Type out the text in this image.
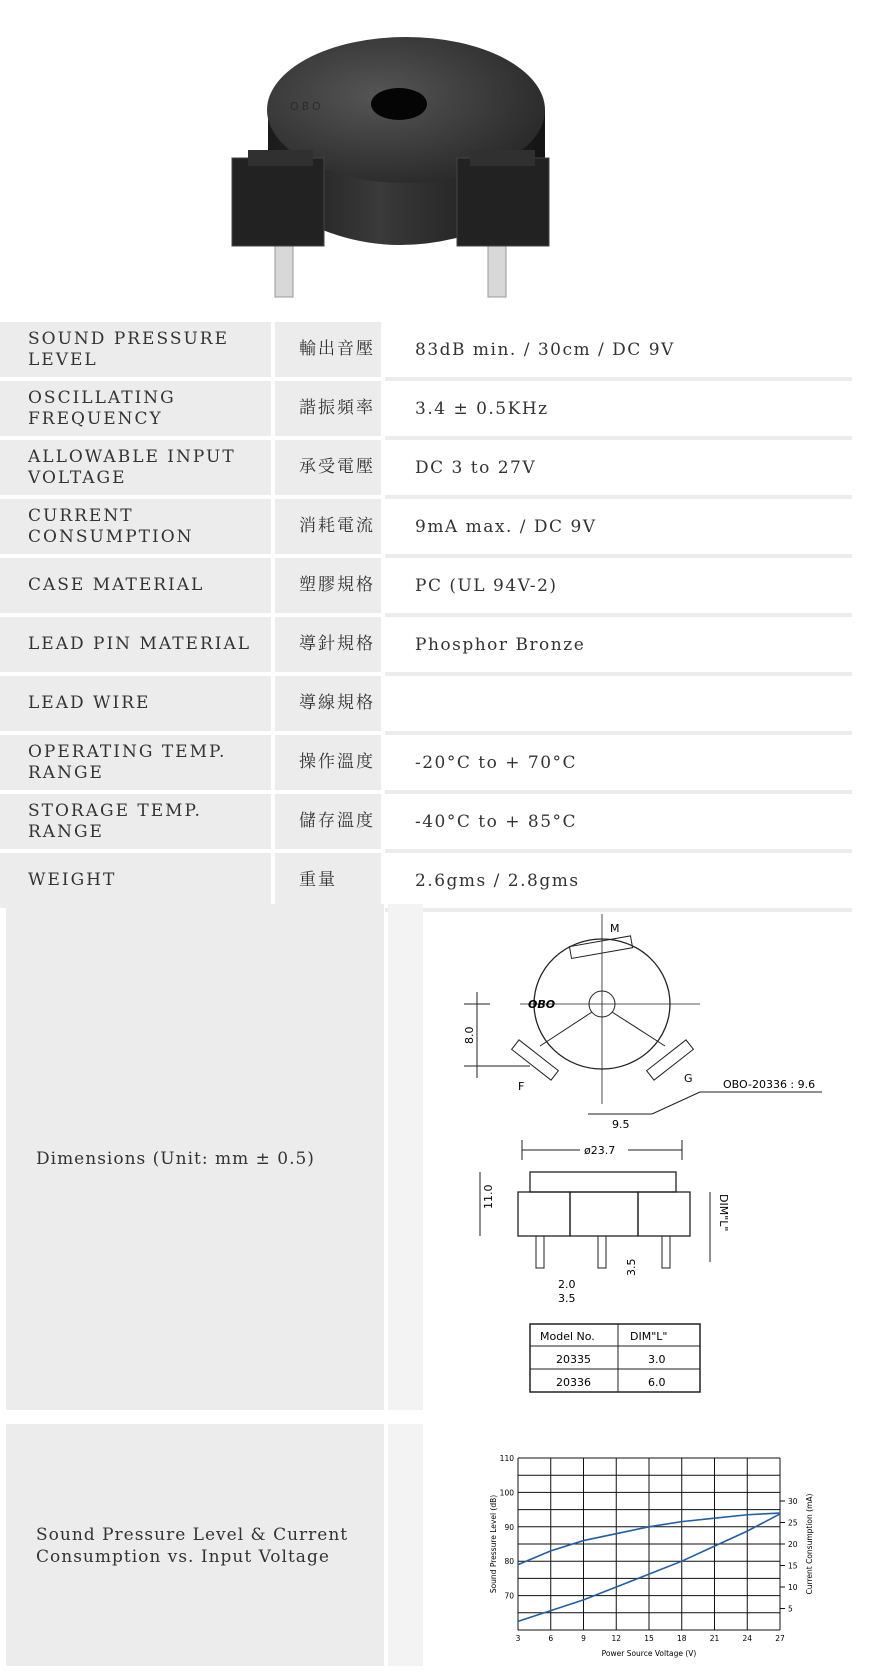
OBO
SOUND PRESSURE LEVEL	輸出音壓	83dB min. / 30cm / DC 9V
OSCILLATING FREQUENCY	諧振頻率	3.4 ± 0.5KHz
ALLOWABLE INPUT VOLTAGE	承受電壓	DC 3 to 27V
CURRENT CONSUMPTION	消耗電流	9mA max. / DC 9V
CASE MATERIAL	塑膠規格	PC (UL 94V-2)
LEAD PIN MATERIAL	導針規格	Phosphor Bronze
LEAD WIRE	導線規格	
OPERATING TEMP. RANGE	操作溫度	-20°C to + 70°C
STORAGE TEMP. RANGE	儲存溫度	-40°C to + 85°C
WEIGHT	重量	2.6gms / 2.8gms
Dimensions (Unit: mm ± 0.5)
M
F
G
OBO
8.0
9.5
OBO-20336 : 9.6
ø23.7
11.0	DIM"L"
3.5
2.0
3.5
Model No.	DIM"L"
20335	3.0
20336	6.0
Sound Pressure Level & Current
Consumption vs. Input Voltage
3	6	9	12	15	18	21	24	27
110
100
90
80
70
30
25
20
15
10
5
Power Source Voltage (V)
Sound Pressure Level (dB)	Current Consumption (mA)
